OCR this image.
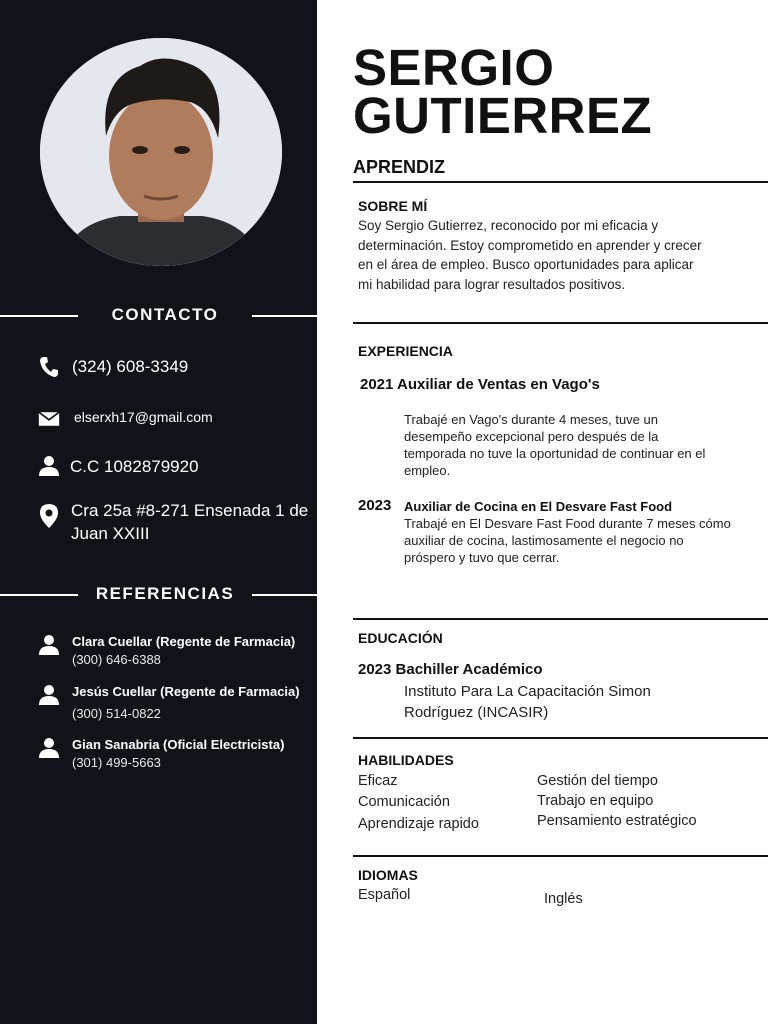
CONTACTO
(324) 608-3349
elserxh17@gmail.com
C.C 1082879920
Cra 25a #8-271 Ensenada 1 de Juan XXIII
REFERENCIAS
Clara Cuellar (Regente de Farmacia)
(300) 646-6388
Jesús Cuellar (Regente de Farmacia)
(300) 514-0822
Gian Sanabria (Oficial Electricista)
(301) 499-5663
SERGIO
GUTIERREZ
APRENDIZ
SOBRE MÍ
Soy Sergio Gutierrez, reconocido por mi eficacia y determinación. Estoy comprometido en aprender y crecer en el área de empleo. Busco oportunidades para aplicar mi habilidad para lograr resultados positivos.
EXPERIENCIA
2021 Auxiliar de Ventas en Vago's
Trabajé en Vago's durante 4 meses, tuve un desempeño excepcional pero después de la temporada no tuve la oportunidad de continuar en el empleo.
2023 Auxiliar de Cocina en El Desvare Fast Food
Trabajé en El Desvare Fast Food durante 7 meses cómo auxiliar de cocina, lastimosamente el negocio no próspero y tuvo que cerrar.
EDUCACIÓN
2023 Bachiller Académico
Instituto Para La Capacitación Simon Rodríguez (INCASIR)
HABILIDADES
Eficaz
Comunicación
Aprendizaje rapido
Gestión del tiempo
Trabajo en equipo
Pensamiento estratégico
IDIOMAS
Español	Inglés
